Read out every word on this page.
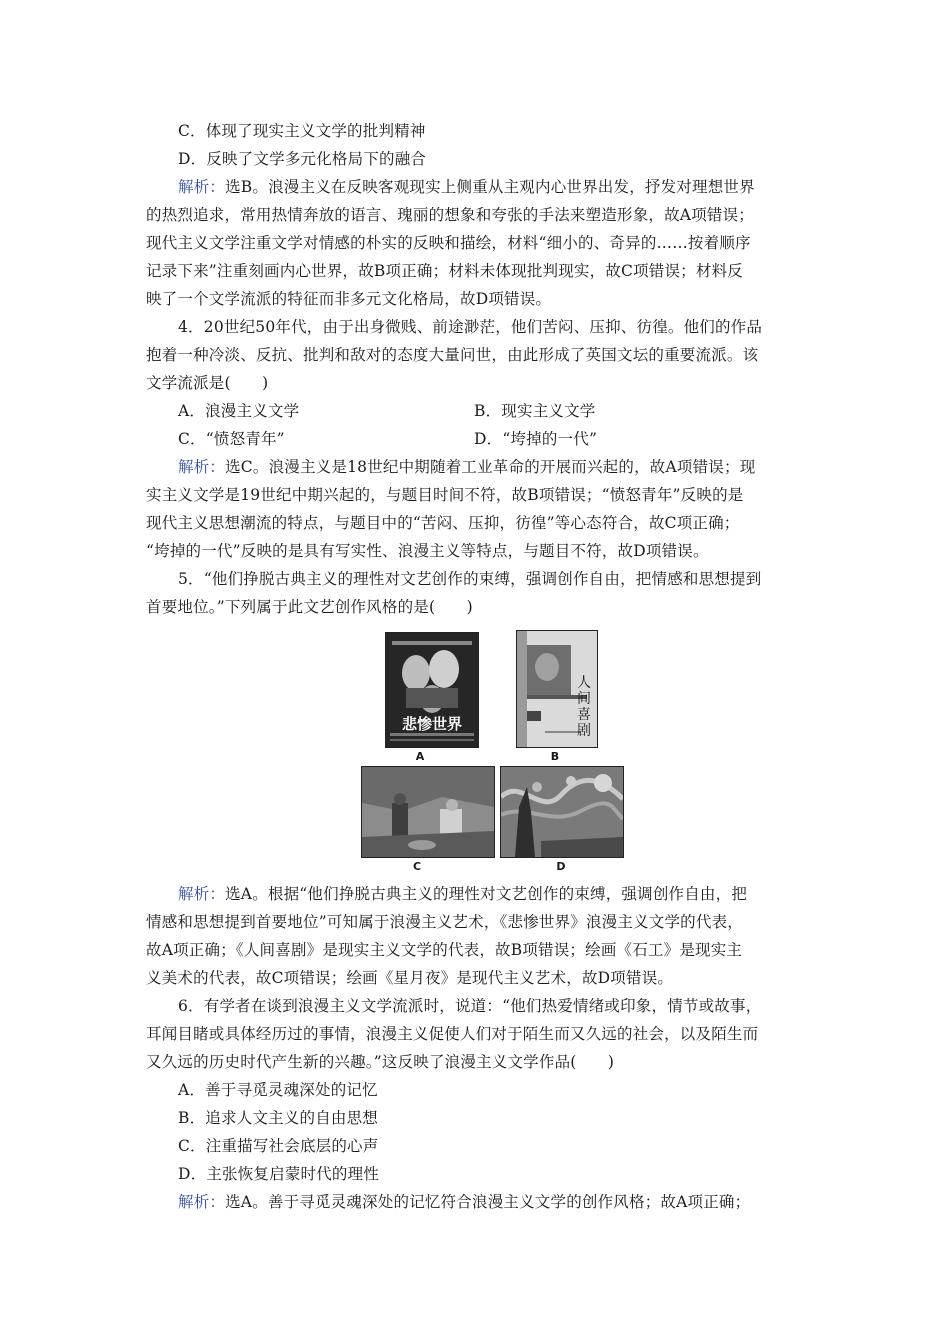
C．体现了现实主义文学的批判精神
D．反映了文学多元化格局下的融合
解析：选B。浪漫主义在反映客观现实上侧重从主观内心世界出发，抒发对理想世界
的热烈追求，常用热情奔放的语言、瑰丽的想象和夸张的手法来塑造形象，故A项错误；
现代主义文学注重文学对情感的朴实的反映和描绘，材料“细小的、奇异的……按着顺序
记录下来”注重刻画内心世界，故B项正确；材料未体现批判现实，故C项错误；材料反
映了一个文学流派的特征而非多元文化格局，故D项错误。
4．20世纪50年代，由于出身微贱、前途渺茫，他们苦闷、压抑、彷徨。他们的作品
抱着一种冷淡、反抗、批判和敌对的态度大量问世，由此形成了英国文坛的重要流派。该
文学流派是(　　)
A．浪漫主义文学	B．现实主义文学
C．“愤怒青年”	D．“垮掉的一代”
解析：选C。浪漫主义是18世纪中期随着工业革命的开展而兴起的，故A项错误；现
实主义文学是19世纪中期兴起的，与题目时间不符，故B项错误；“愤怒青年”反映的是
现代主义思想潮流的特点，与题目中的“苦闷、压抑，彷徨”等心态符合，故C项正确；
“垮掉的一代”反映的是具有写实性、浪漫主义等特点，与题目不符，故D项错误。
5．“他们挣脱古典主义的理性对文艺创作的束缚，强调创作自由，把情感和思想提到
首要地位。”下列属于此文艺创作风格的是(　　)
悲惨世界
A
人间喜剧
B
C	D
解析：选A。根据“他们挣脱古典主义的理性对文艺创作的束缚，强调创作自由，把
情感和思想提到首要地位”可知属于浪漫主义艺术，《悲惨世界》浪漫主义文学的代表，
故A项正确；《人间喜剧》是现实主义文学的代表，故B项错误；绘画《石工》是现实主
义美术的代表，故C项错误；绘画《星月夜》是现代主义艺术，故D项错误。
6．有学者在谈到浪漫主义文学流派时，说道：“他们热爱情绪或印象，情节或故事，
耳闻目睹或具体经历过的事情，浪漫主义促使人们对于陌生而又久远的社会，以及陌生而
又久远的历史时代产生新的兴趣。”这反映了浪漫主义文学作品(　　)
A．善于寻觅灵魂深处的记忆
B．追求人文主义的自由思想
C．注重描写社会底层的心声
D．主张恢复启蒙时代的理性
解析：选A。善于寻觅灵魂深处的记忆符合浪漫主义文学的创作风格；故A项正确；
